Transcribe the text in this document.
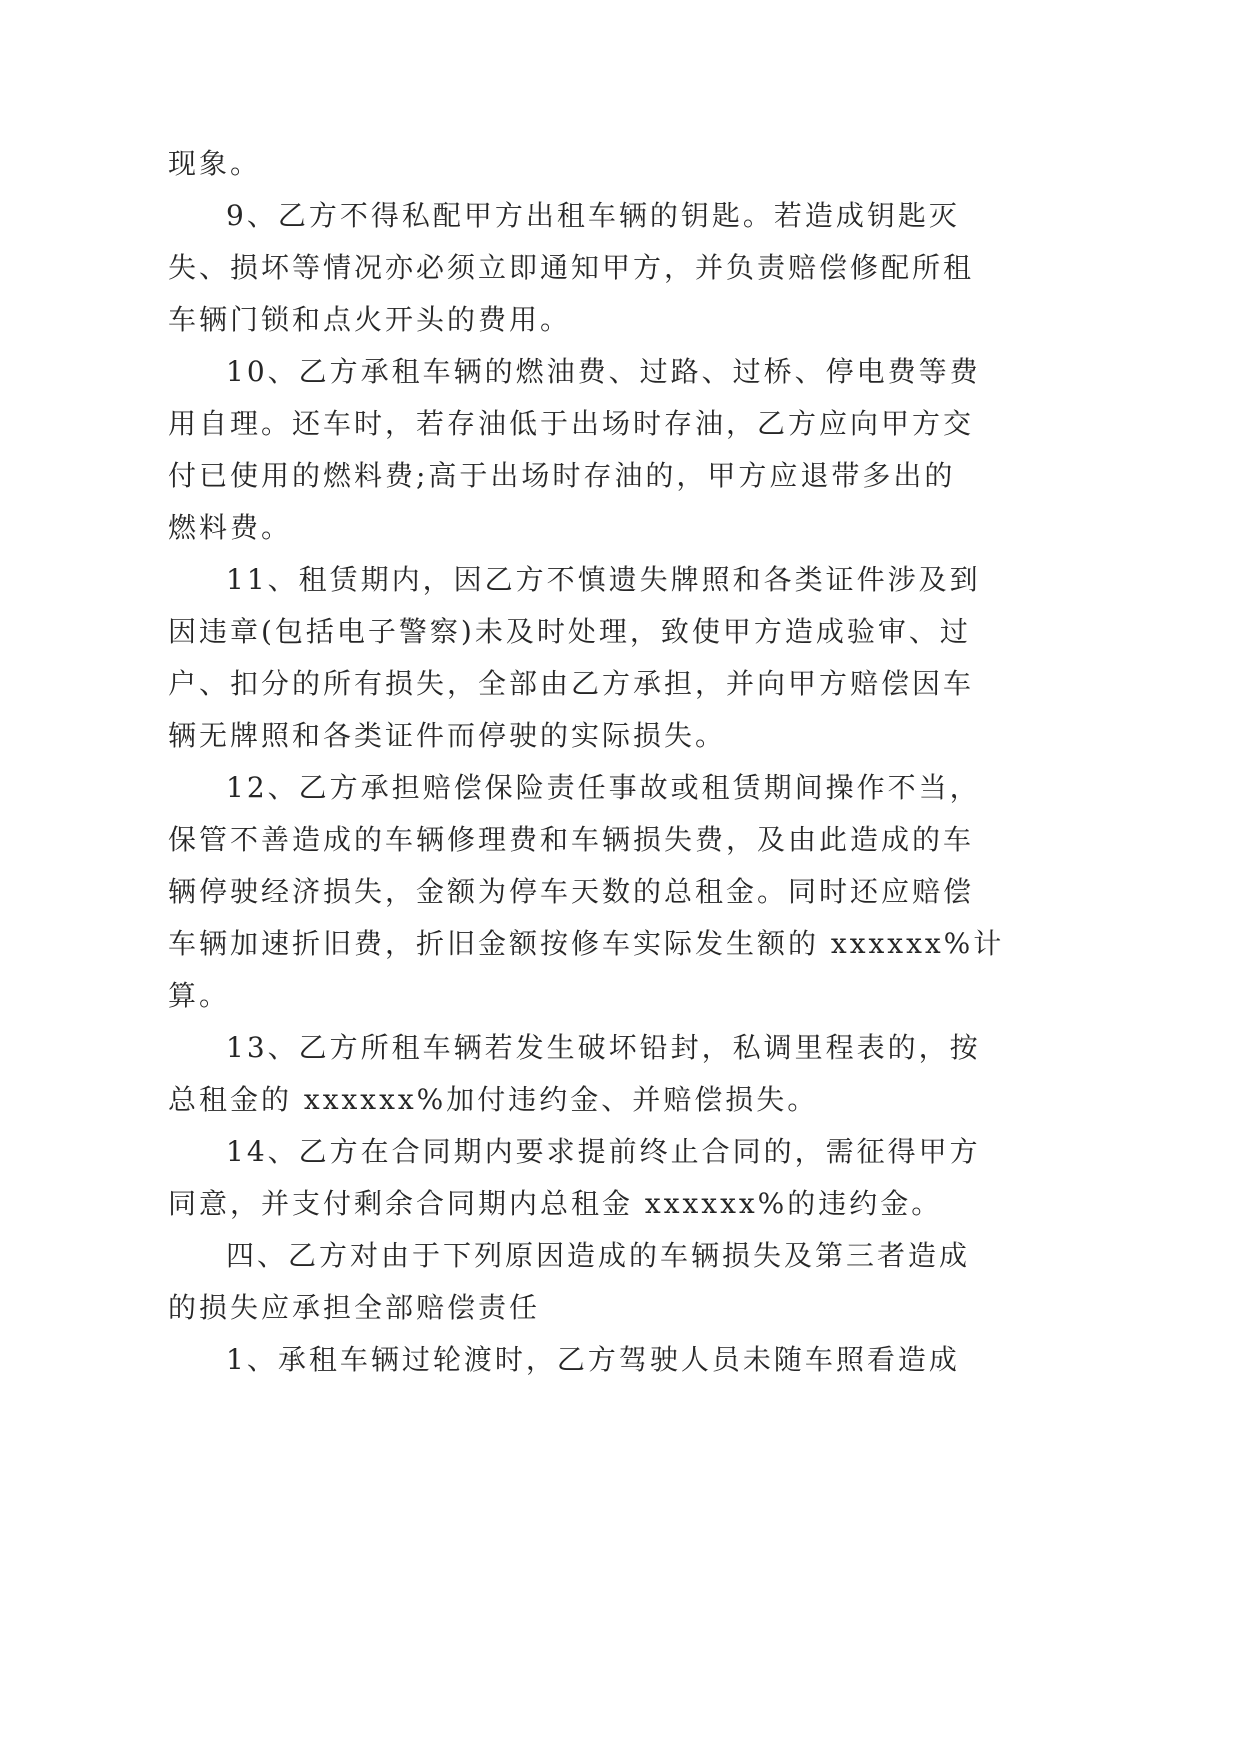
现象。
9、乙方不得私配甲方出租车辆的钥匙。若造成钥匙灭
失、损坏等情况亦必须立即通知甲方，并负责赔偿修配所租
车辆门锁和点火开头的费用。
10、乙方承租车辆的燃油费、过路、过桥、停电费等费
用自理。还车时，若存油低于出场时存油，乙方应向甲方交
付已使用的燃料费;高于出场时存油的，甲方应退带多出的
燃料费。
11、租赁期内，因乙方不慎遗失牌照和各类证件涉及到
因违章(包括电子警察)未及时处理，致使甲方造成验审、过
户、扣分的所有损失，全部由乙方承担，并向甲方赔偿因车
辆无牌照和各类证件而停驶的实际损失。
12、乙方承担赔偿保险责任事故或租赁期间操作不当，
保管不善造成的车辆修理费和车辆损失费，及由此造成的车
辆停驶经济损失，金额为停车天数的总租金。同时还应赔偿
车辆加速折旧费，折旧金额按修车实际发生额的 xxxxxx%计
算。
13、乙方所租车辆若发生破坏铅封，私调里程表的，按
总租金的 xxxxxx%加付违约金、并赔偿损失。
14、乙方在合同期内要求提前终止合同的，需征得甲方
同意，并支付剩余合同期内总租金 xxxxxx%的违约金。
四、乙方对由于下列原因造成的车辆损失及第三者造成
的损失应承担全部赔偿责任
1、承租车辆过轮渡时，乙方驾驶人员未随车照看造成
